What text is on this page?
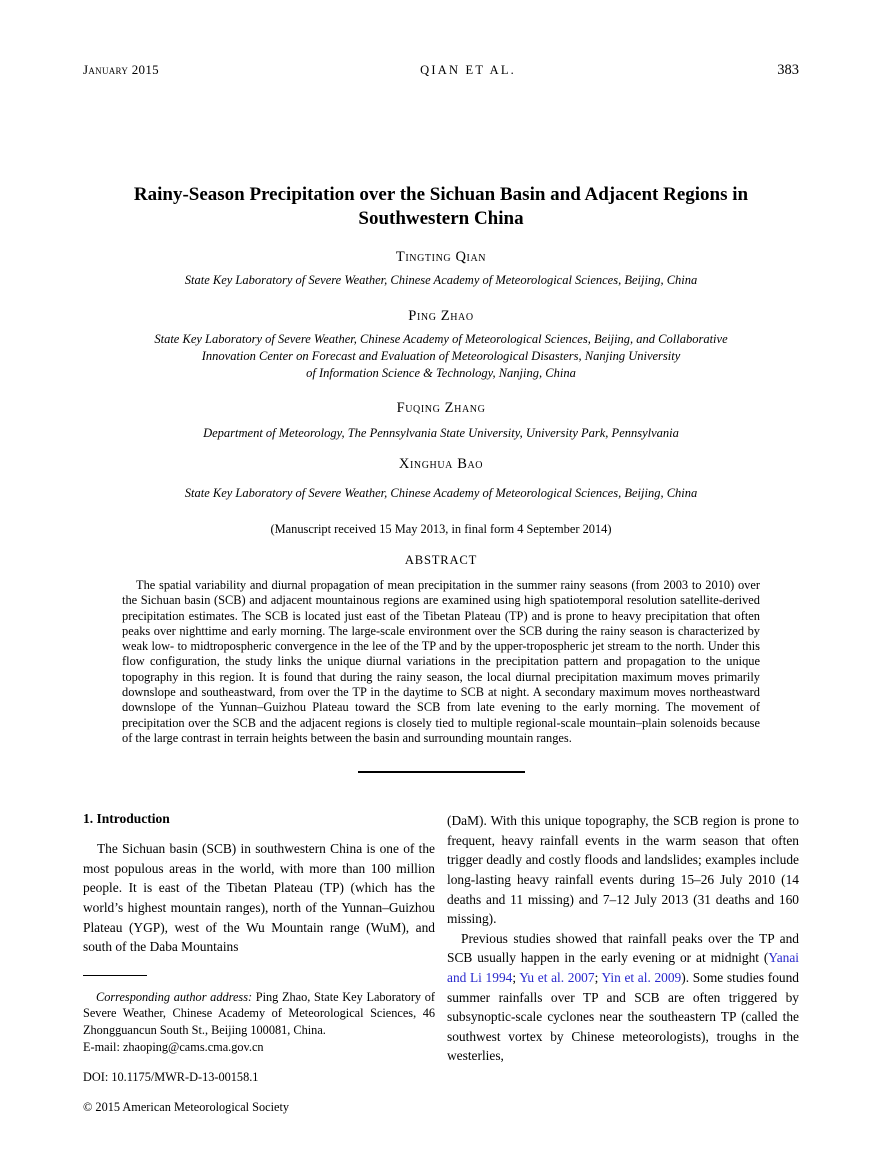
January 2015	QIAN ET AL.	383
Rainy-Season Precipitation over the Sichuan Basin and Adjacent Regions in Southwestern China
Tingting Qian
State Key Laboratory of Severe Weather, Chinese Academy of Meteorological Sciences, Beijing, China
Ping Zhao
State Key Laboratory of Severe Weather, Chinese Academy of Meteorological Sciences, Beijing, and Collaborative
Innovation Center on Forecast and Evaluation of Meteorological Disasters, Nanjing University
of Information Science & Technology, Nanjing, China
Fuqing Zhang
Department of Meteorology, The Pennsylvania State University, University Park, Pennsylvania
Xinghua Bao
State Key Laboratory of Severe Weather, Chinese Academy of Meteorological Sciences, Beijing, China
(Manuscript received 15 May 2013, in final form 4 September 2014)
ABSTRACT

The spatial variability and diurnal propagation of mean precipitation in the summer rainy seasons (from 2003 to 2010) over the Sichuan basin (SCB) and adjacent mountainous regions are examined using high spatiotemporal resolution satellite-derived precipitation estimates. The SCB is located just east of the Tibetan Plateau (TP) and is prone to heavy precipitation that often peaks over nighttime and early morning. The large-scale environment over the SCB during the rainy season is characterized by weak low- to midtropospheric convergence in the lee of the TP and by the upper-tropospheric jet stream to the north. Under this flow configuration, the study links the unique diurnal variations in the precipitation pattern and propagation to the unique topography in this region. It is found that during the rainy season, the local diurnal precipitation maximum moves primarily downslope and southeastward, from over the TP in the daytime to SCB at night. A secondary maximum moves northeastward downslope of the Yunnan–Guizhou Plateau toward the SCB from late evening to the early morning. The movement of precipitation over the SCB and the adjacent regions is closely tied to multiple regional-scale mountain–plain solenoids because of the large contrast in terrain heights between the basin and surrounding mountain ranges.

1. Introduction

The Sichuan basin (SCB) in southwestern China is one of the most populous areas in the world, with more than 100 million people. It is east of the Tibetan Plateau (TP) (which has the world’s highest mountain ranges), north of the Yunnan–Guizhou Plateau (YGP), west of the Wu Mountain range (WuM), and south of the Daba Mountains

Corresponding author address: Ping Zhao, State Key Laboratory of Severe Weather, Chinese Academy of Meteorological Sciences, 46 Zhongguancun South St., Beijing 100081, China.

E-mail: zhaoping@cams.cma.gov.cn

DOI: 10.1175/MWR-D-13-00158.1

© 2015 American Meteorological Society

(DaM). With this unique topography, the SCB region is prone to frequent, heavy rainfall events in the warm season that often trigger deadly and costly floods and landslides; examples include long-lasting heavy rainfall events during 15–26 July 2010 (14 deaths and 11 missing) and 7–12 July 2013 (31 deaths and 160 missing).

Previous studies showed that rainfall peaks over the TP and SCB usually happen in the early evening or at midnight (Yanai and Li 1994; Yu et al. 2007; Yin et al. 2009). Some studies found summer rainfalls over TP and SCB are often triggered by subsynoptic-scale cyclones near the southeastern TP (called the southwest vortex by Chinese meteorologists), troughs in the westerlies,
